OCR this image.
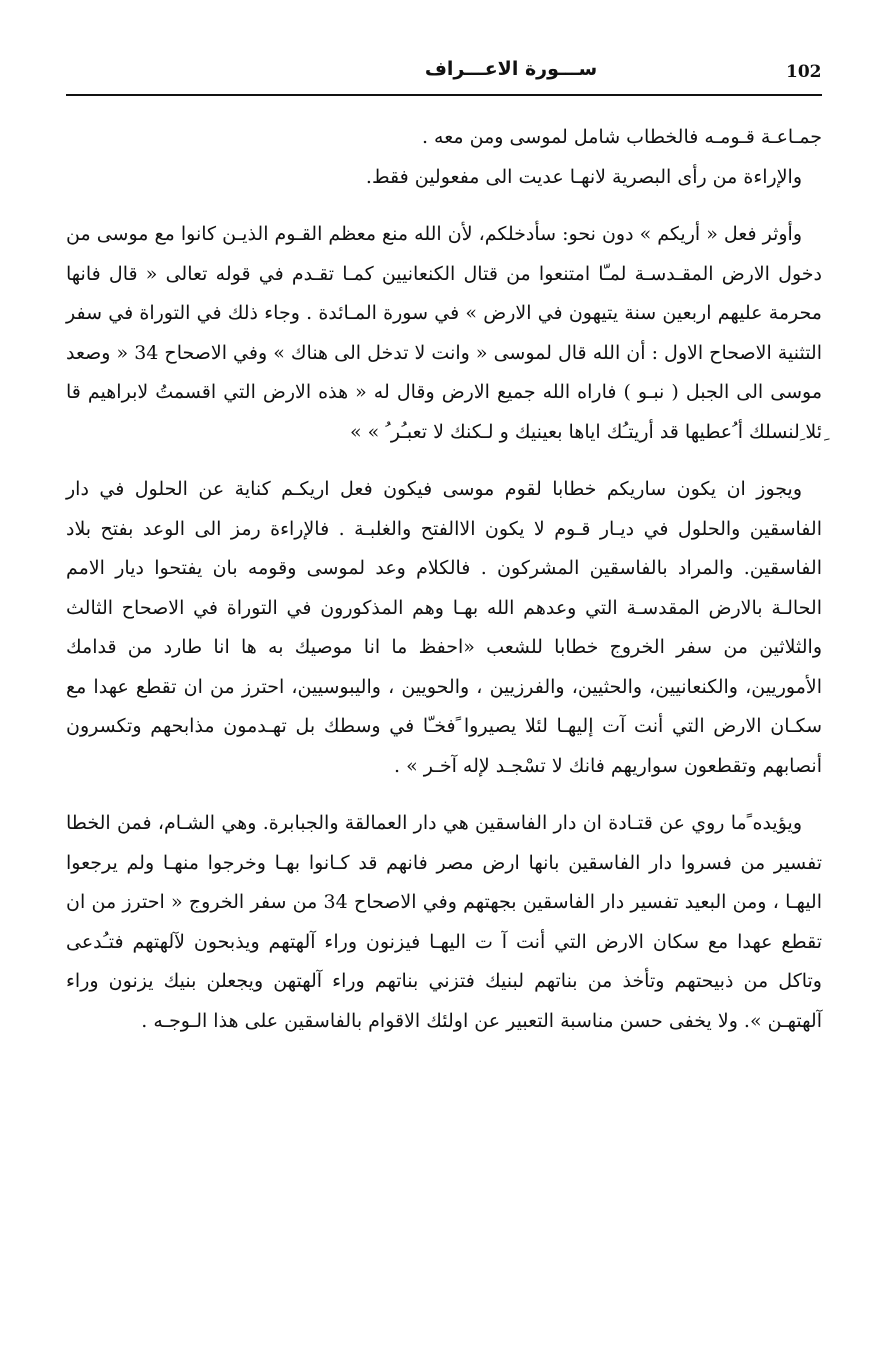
102
ســـورة الاعـــراف

جمـاعـة قـومـه فالخطاب شامل لموسى ومن معه .

والإراءة من رأى البصرية لانهـا عديت الى مفعولين فقط.

وأوثر فعل « أريكم » دون نحو: سأدخلكم، لأن الله منع معظم القـوم الذيـن كانوا مع موسى من دخول الارض المقـدسـة لمـّا امتنعوا من قتال الكنعانيين كمـا تقـدم في قوله تعالى « قال فانها محرمة عليهم اربعين سنة يتيهون في الارض » في سورة المـائدة . وجاء ذلك في التوراة في سفر التثنية الاصحاح الاول : أن الله قال لموسى « وانت لا تدخل الى هناك » وفي الاصحاح 34 « وصعد موسى الى الجبل ( نبـو ) فاراه الله جميع الارض وقال له « هذه الارض التي اقسمتُ لابراهيم قا ِئلا ِلنسلك أ ُعطيها قد أريتـُك اياها بعينيك و لـكنك لا تعبـُر ُ » »

ويجوز ان يكون ساريكم خطابا لقوم موسى فيكون فعل اريكـم كناية عن الحلول في دار الفاسقين والحلول في ديـار قـوم لا يكون الاالفتح والغلبـة . فالإراءة رمز الى الوعد بفتح بلاد الفاسقين. والمراد بالفاسقين المشركون . فالكلام وعد لموسى وقومه بان يفتحوا ديار الامم الحالـة بالارض المقدسـة التي وعدهم الله بهـا وهم المذكورون في التوراة في الاصحاح الثالث والثلاثين من سفر الخروج خطابا للشعب «احفظ ما انا موصيك به ها انا طارد من قدامك الأموريين، والكنعانيين، والحثيين، والفرزيين ، والحويين ، واليبوسيين، احترز من ان تقطع عهدا مع سكـان الارض التي أنت آت إليهـا لئلا يصيروا ًفخـّا في وسطك بل تهـدمون مذابحهم وتكسرون أنصابهم وتقطعون سواريهم فانك لا تسْجـد لإله آخـر » .

ويؤيده ًما روي عن قتـادة ان دار الفاسقين هي دار العمالقة والجبابرة. وهي الشـام، فمن الخطا تفسير من فسروا دار الفاسقين بانها ارض مصر فانهم قد كـانوا بهـا وخرجوا منهـا ولم يرجعوا اليهـا ، ومن البعيد تفسير دار الفاسقين بجهتهم وفي الاصحاح 34 من سفر الخروج « احترز من ان تقطع عهدا مع سكان الارض التي أنت آ ت اليهـا فيزنون وراء آلهتهم ويذبحون لآلهتهم فتـُدعى وتاكل من ذبيحتهم وتأخذ من بناتهم لبنيك فتزني بناتهم وراء آلهتهن ويجعلن بنيك يزنون وراء آلهتهـن ». ولا يخفى حسن مناسبة التعبير عن اولئك الاقوام بالفاسقين على هذا الـوجـه .
